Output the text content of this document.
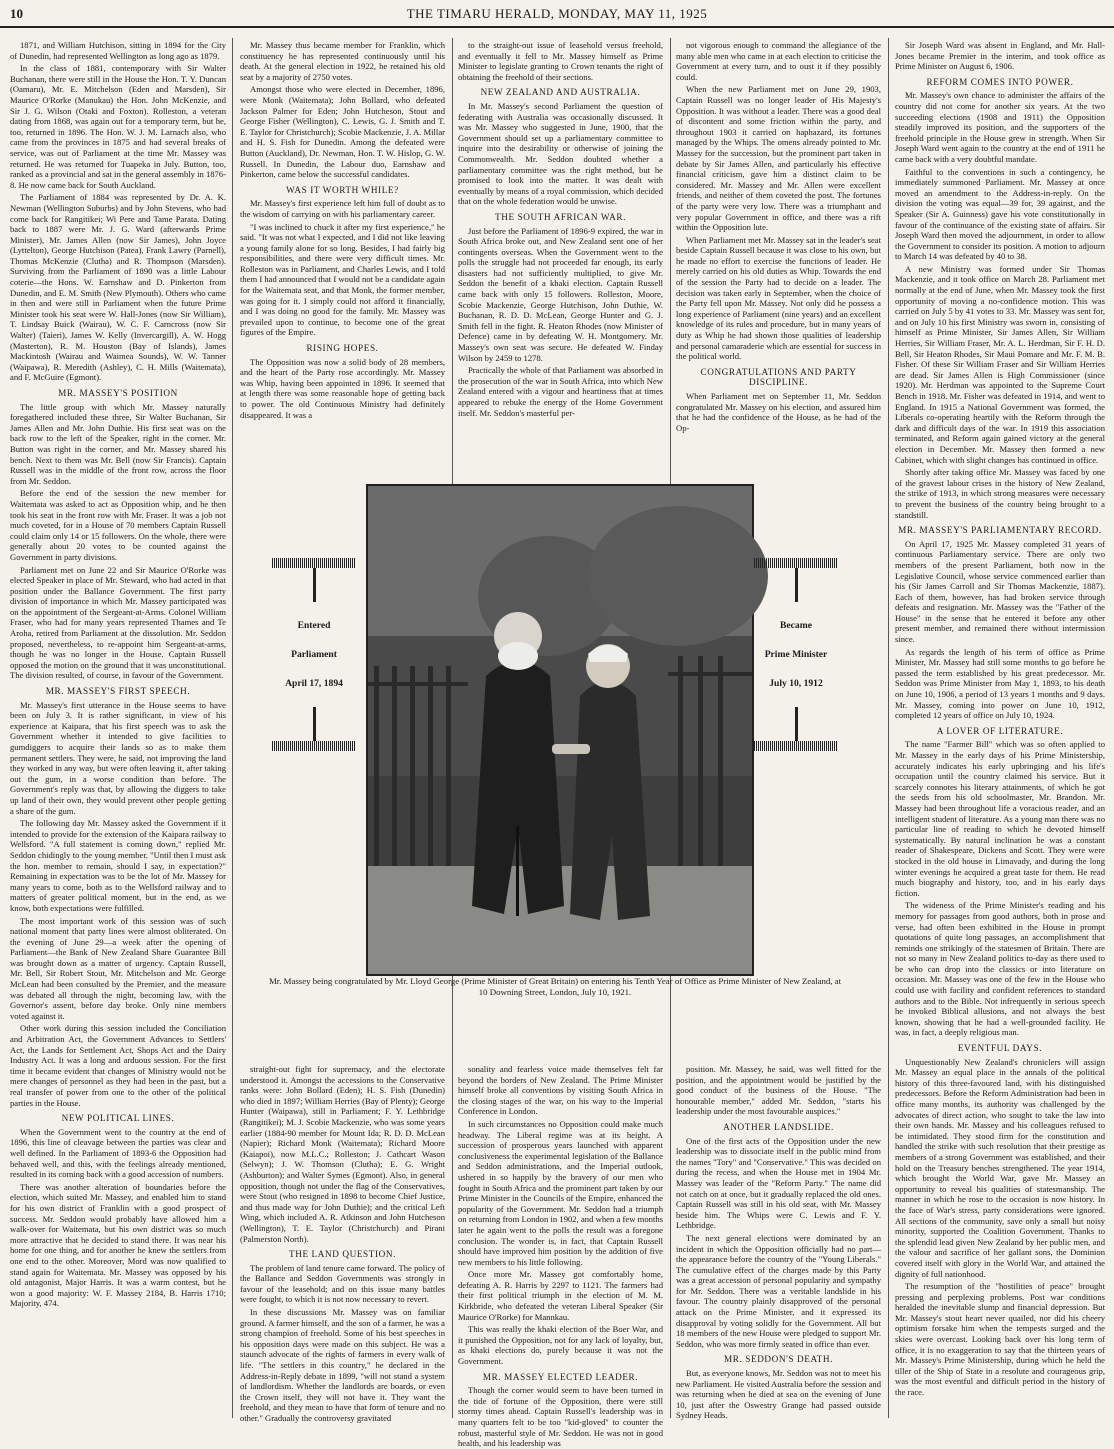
10	THE TIMARU HERALD, MONDAY, MAY 11, 1925

1871, and William Hutchison, sitting in 1894 for the City of Dunedin, had represented Wellington as long ago as 1879.

In the class of 1881, contemporary with Sir Walter Buchanan, there were still in the House the Hon. T. Y. Duncan (Oamaru), Mr. E. Mitchelson (Eden and Marsden), Sir Maurice O'Rorke (Manukau) the Hon. John McKenzie, and Sir J. G. Wilson (Otaki and Foxton). Rolleston, a veteran dating from 1868, was again out for a temporary term, but he, too, returned in 1896. The Hon. W. J. M. Larnach also, who came from the provinces in 1875 and had several breaks of service, was out of Parliament at the time Mr. Massey was returned. He was returned for Tuapeka in July. Button, too, ranked as a provincial and sat in the general assembly in 1876-8. He now came back for South Auckland.

The Parliament of 1884 was represented by Dr. A. K. Newman (Wellington Suburbs) and by John Stevens, who had come back for Rangitikei; Wi Pere and Tame Parata. Dating back to 1887 were Mr. J. G. Ward (afterwards Prime Minister), Mr. James Allen (now Sir James), John Joyce (Lyttelton), George Hutchison (Patea), Frank Lawry (Parnell), Thomas McKenzie (Clutha) and R. Thompson (Marsden). Surviving from the Parliament of 1890 was a little Labour coterie—the Hons. W. Earnshaw and D. Pinkerton from Dunedin, and E. M. Smith (New Plymouth). Others who came in then and were still in Parliament when the future Prime Minister took his seat were W. Hall-Jones (now Sir William), T. Lindsay Buick (Wairau), W. C. F. Carncross (now Sir Walter) (Taieri), James W. Kelly (Invercargill), A. W. Hogg (Masterton), R. M. Houston (Bay of Islands), James Mackintosh (Wairau and Waimea Sounds), W. W. Tanner (Waipawa), R. Meredith (Ashley), C. H. Mills (Waitemata), and F. McGuire (Egmont).

MR. MASSEY'S POSITION

The little group with which Mr. Massey naturally foregathered included these three, Sir Walter Buchanan, Sir James Allen and Mr. John Duthie. His first seat was on the back row to the left of the Speaker, right in the corner. Mr. Button was right in the corner, and Mr. Massey shared his bench. Next to them was Mr. Bell (now Sir Francis). Captain Russell was in the middle of the front row, across the floor from Mr. Seddon.

Before the end of the session the new member for Waitemata was asked to act as Opposition whip, and he then took his seat in the front row with Mr. Fraser. It was a job not much coveted, for in a House of 70 members Captain Russell could claim only 14 or 15 followers. On the whole, there were generally about 20 votes to be counted against the Government in party divisions.

Parliament met on June 22 and Sir Maurice O'Rorke was elected Speaker in place of Mr. Steward, who had acted in that position under the Ballance Government. The first party division of importance in which Mr. Massey participated was on the appointment of the Sergeant-at-Arms. Colonel William Fraser, who had for many years represented Thames and Te Aroha, retired from Parliament at the dissolution. Mr. Seddon proposed, nevertheless, to re-appoint him Sergeant-at-arms, though he was no longer in the House. Captain Russell opposed the motion on the ground that it was unconstitutional. The division resulted, of course, in favour of the Government.

MR. MASSEY'S FIRST SPEECH.

Mr. Massey's first utterance in the House seems to have been on July 3. It is rather significant, in view of his experience at Kaipara, that his first speech was to ask the Government whether it intended to give facilities to gumdiggers to acquire their lands so as to make them permanent settlers. They were, he said, not improving the land they worked in any way, but were often leaving it, after taking out the gum, in a worse condition than before. The Government's reply was that, by allowing the diggers to take up land of their own, they would prevent other people getting a share of the gum.

The following day Mr. Massey asked the Government if it intended to provide for the extension of the Kaipara railway to Wellsford. "A full statement is coming down," replied Mr. Seddon chidingly to the young member. "Until then I must ask the hon. member to remain, should I say, in expectation?" Remaining in expectation was to be the lot of Mr. Massey for many years to come, both as to the Wellsford railway and to matters of greater political moment, but in the end, as we know, both expectations were fulfilled.

The most important work of this session was of such national moment that party lines were almost obliterated. On the evening of June 29—a week after the opening of Parliament—the Bank of New Zealand Share Guarantee Bill was brought down as a matter of urgency. Captain Russell, Mr. Bell, Sir Robert Stout, Mr. Mitchelson and Mr. George McLean had been consulted by the Premier, and the measure was debated all through the night, becoming law, with the Governor's assent, before day broke. Only nine members voted against it.

Other work during this session included the Conciliation and Arbitration Act, the Government Advances to Settlers' Act, the Lands for Settlement Act, Shops Act and the Dairy Industry Act. It was a long and arduous session. For the first time it became evident that changes of Ministry would not be mere changes of personnel as they had been in the past, but a real transfer of power from one to the other of the political parties in the House.

NEW POLITICAL LINES.

When the Government went to the country at the end of 1896, this line of cleavage between the parties was clear and well defined. In the Parliament of 1893-6 the Opposition had behaved well, and this, with the feelings already mentioned, resulted in its coming back with a good accession of numbers.

There was another alteration of boundaries before the election, which suited Mr. Massey, and enabled him to stand for his own district of Franklin with a good prospect of success. Mr. Seddon would probably have allowed him a walk-over for Waitemata, but his own district was so much more attractive that he decided to stand there. It was near his home for one thing, and for another he knew the settlers from one end to the other. Moreover, Mord was now qualified to stand again for Waitemata. Mr. Massey was opposed by his old antagonist, Major Harris. It was a warm contest, but he won a good majority: W. F. Massey 2184, B. Harris 1710; Majority, 474.

Mr. Massey thus became member for Franklin, which constituency he has represented continuously until his death. At the general election in 1922, he retained his old seat by a majority of 2750 votes.

Amongst those who were elected in December, 1896, were Monk (Waitemata); John Bollard, who defeated Jackson Palmer for Eden; John Hutcheson, Stout and George Fisher (Wellington), C. Lewis, G. J. Smith and T. E. Taylor for Christchurch); Scobie Mackenzie, J. A. Millar and H. S. Fish for Dunedin. Among the defeated were Button (Auckland), Dr. Newman, Hon. T. W. Hislop, G. W. Russell. In Dunedin, the Labour duo, Earnshaw and Pinkerton, came below the successful candidates.

WAS IT WORTH WHILE?

Mr. Massey's first experience left him full of doubt as to the wisdom of carrying on with his parliamentary career.

"I was inclined to chuck it after my first experience," he said. "It was not what I expected, and I did not like leaving a young family alone for so long. Besides, I had fairly big responsibilities, and there were very difficult times. Mr. Rolleston was in Parliament, and Charles Lewis, and I told them I had announced that I would not be a candidate again for the Waitemata seat, and that Monk, the former member, was going for it. I simply could not afford it financially, and I was doing no good for the family. Mr. Massey was prevailed upon to continue, to become one of the great figures of the Empire.

RISING HOPES.

The Opposition was now a solid body of 28 members, and the heart of the Party rose accordingly. Mr. Massey was Whip, having been appointed in 1896. It seemed that at length there was some reasonable hope of getting back to power. The old Continuous Ministry had definitely disappeared. It was a

to the straight-out issue of leasehold versus freehold, and eventually it fell to Mr. Massey himself as Prime Minister to legislate granting to Crown tenants the right of obtaining the freehold of their sections.

NEW ZEALAND AND AUSTRALIA.

In Mr. Massey's second Parliament the question of federating with Australia was occasionally discussed. It was Mr. Massey who suggested in June, 1900, that the Government should set up a parliamentary committee to inquire into the desirability or otherwise of joining the Commonwealth. Mr. Seddon doubted whether a parliamentary committee was the right method, but he promised to look into the matter. It was dealt with eventually by means of a royal commission, which decided that on the whole federation would be unwise.

THE SOUTH AFRICAN WAR.

Just before the Parliament of 1896-9 expired, the war in South Africa broke out, and New Zealand sent one of her contingents overseas. When the Government went to the polls the struggle had not proceeded far enough, its early disasters had not sufficiently multiplied, to give Mr. Seddon the benefit of a khaki election. Captain Russell came back with only 15 followers. Rolleston, Moore, Scobie Mackenzie, George Hutchison, John Duthie, W. Buchanan, R. D. D. McLean, George Hunter and G. J. Smith fell in the fight. R. Heaton Rhodes (now Minister of Defence) came in by defeating W. H. Montgomery. Mr. Massey's own seat was secure. He defeated W. Finday Wilson by 2459 to 1278.

Practically the whole of that Parliament was absorbed in the prosecution of the war in South Africa, into which New Zealand entered with a vigour and heartiness that at times appeared to rebuke the energy of the Home Government itself. Mr. Seddon's masterful per-

not vigorous enough to command the allegiance of the many able men who came in at each election to criticise the Government at every turn, and to oust it if they possibly could.

When the new Parliament met on June 29, 1903, Captain Russell was no longer leader of His Majesty's Opposition. It was without a leader. There was a good deal of discontent and some friction within the party, and throughout 1903 it carried on haphazard, its fortunes managed by the Whips. The omens already pointed to Mr. Massey for the succession, but the prominent part taken in debate by Sir James Allen, and particularly his effective financial criticism, gave him a distinct claim to be considered. Mr. Massey and Mr. Allen were excellent friends, and neither of them coveted the post. The fortunes of the party were very low. There was a triumphant and very popular Government in office, and there was a rift within the Opposition lute.

When Parliament met Mr. Massey sat in the leader's seat beside Captain Russell because it was close to his own, but he made no effort to exercise the functions of leader. He merely carried on his old duties as Whip. Towards the end of the session the Party had to decide on a leader. The decision was taken early in September, when the choice of the Party fell upon Mr. Massey. Not only did he possess a long experience of Parliament (nine years) and an excellent knowledge of its rules and procedure, but in many years of duty as Whip he had shown those qualities of leadership and personal camaraderie which are essential for success in the political world.

CONGRATULATIONS AND PARTY DISCIPLINE.

When Parliament met on September 11, Mr. Seddon congratulated Mr. Massey on his election, and assured him that he had the confidence of the House, as he had of the Op-

Sir Joseph Ward was absent in England, and Mr. Hall-Jones became Premier in the interim, and took office as Prime Minister on August 6, 1906.

REFORM COMES INTO POWER.

Mr. Massey's own chance to administer the affairs of the country did not come for another six years. At the two succeeding elections (1908 and 1911) the Opposition steadily improved its position, and the supporters of the freehold principle in the House grew in strength. When Sir Joseph Ward went again to the country at the end of 1911 he came back with a very doubtful mandate.

Faithful to the conventions in such a contingency, he immediately summoned Parliament. Mr. Massey at once moved an amendment to the Address-in-reply. On the division the voting was equal—39 for, 39 against, and the Speaker (Sir A. Guinness) gave his vote constitutionally in favour of the continuance of the existing state of affairs. Sir Joseph Ward then moved the adjournment, in order to allow the Government to consider its position. A motion to adjourn to March 14 was defeated by 40 to 38.

A new Ministry was formed under Sir Thomas Mackenzie, and it took office on March 28. Parliament met normally at the end of June, when Mr. Massey took the first opportunity of moving a no-confidence motion. This was carried on July 5 by 41 votes to 33. Mr. Massey was sent for, and on July 10 his first Ministry was sworn in, consisting of himself as Prime Minister, Sir James Allen, Sir William Herries, Sir William Fraser, Mr. A. L. Herdman, Sir F. H. D. Bell, Sir Heaton Rhodes, Sir Maui Pomare and Mr. F. M. B. Fisher. Of these Sir William Fraser and Sir William Herries are dead. Sir James Allen is High Commissioner (since 1920). Mr. Herdman was appointed to the Supreme Court Bench in 1918. Mr. Fisher was defeated in 1914, and went to England. In 1915 a National Government was formed, the Liberals co-operating heartily with the Reform through the dark and difficult days of the war. In 1919 this association terminated, and Reform again gained victory at the general election in December. Mr. Massey then formed a new Cabinet, which with slight changes has continued in office.

Shortly after taking office Mr. Massey was faced by one of the gravest labour crises in the history of New Zealand, the strike of 1913, in which strong measures were necessary to prevent the business of the country being brought to a standstill.

MR. MASSEY'S PARLIAMENTARY RECORD.

On April 17, 1925 Mr. Massey completed 31 years of continuous Parliamentary service. There are only two members of the present Parliament, both now in the Legislative Council, whose service commenced earlier than his (Sir James Carroll and Sir Thomas Mackenzie, 1887). Each of them, however, has had broken service through defeats and resignation. Mr. Massey was the "Father of the House" in the sense that he entered it before any other present member, and remained there without intermission since.

As regards the length of his term of office as Prime Minister, Mr. Massey had still some months to go before he passed the term established by his great predecessor. Mr. Seddon was Prime Minister from May 1, 1893, to his death on June 10, 1906, a period of 13 years 1 months and 9 days. Mr. Massey, coming into power on June 10, 1912, completed 12 years of office on July 10, 1924.

A LOVER OF LITERATURE.

The name "Farmer Bill" which was so often applied to Mr. Massey in the early days of his Prime Ministership, accurately indicates his early upbringing and his life's occupation until the country claimed his service. But it scarcely connotes his literary attainments, of which he got the seeds from his old schoolmaster, Mr. Brandon. Mr. Massey had been throughout life a voracious reader, and an intelligent student of literature. As a young man there was no particular line of reading to which he devoted himself systematically. By natural inclination he was a constant reader of Shakespeare, Dickens and Scott. They were were stocked in the old house in Limavady, and during the long winter evenings he acquired a great taste for them. He read much biography and history, too, and in his early days fiction.

The wideness of the Prime Minister's reading and his memory for passages from good authors, both in prose and verse, had often been exhibited in the House in prompt quotations of quite long passages, an accomplishment that reminds one strikingly of the statesmen of Britain. There are not so many in New Zealand politics to-day as there used to be who can drop into the classics or into literature on occasion. Mr. Massey was one of the few in the House who could use with facility and confident references to standard authors and to the Bible. Not infrequently in serious speech he invoked Biblical allusions, and not always the best known, showing that he had a well-grounded facility. He was, in fact, a deeply religious man.

EVENTFUL DAYS.

Unquestionably New Zealand's chroniclers will assign Mr. Massey an equal place in the annals of the political history of this three-favoured land, with his distinguished predecessors. Before the Reform Administration had been in office many months, its authority was challenged by the advocates of direct action, who sought to take the law into their own hands. Mr. Massey and his colleagues refused to be intimidated. They stood firm for the constitution and handled the strike with such resolution that their prestige as members of a strong Government was established, and their hold on the Treasury benches strengthened. The year 1914, which brought the World War, gave Mr. Massey an opportunity to reveal his qualities of statesmanship. The manner in which he rose to the occasion is now history. In the face of War's stress, party considerations were ignored. All sections of the community, save only a small but noisy minority, supported the Coalition Government. Thanks to the splendid lead given New Zealand by her public men, and the valour and sacrifice of her gallant sons, the Dominion covered itself with glory in the World War, and attained the dignity of full nationhood.

The resumption of the "hostilities of peace" brought pressing and perplexing problems. Post war conditions heralded the inevitable slump and financial depression. But Mr. Massey's stout heart never quailed, nor did his cheery optimism forsake him when the tempests surged and the skies were overcast. Looking back over his long term of office, it is no exaggeration to say that the thirteen years of Mr. Massey's Prime Ministership, during which he held the tiller of the Ship of State in a resolute and courageous grip, was the most eventful and difficult period in the history of the race.

straight-out fight for supremacy, and the electorate understood it. Amongst the accessions to the Conservative ranks were: John Bollard (Eden); H. S. Fish (Dunedin) who died in 1897; William Herries (Bay of Plenty); George Hunter (Waipawa), still in Parliament; F. Y. Lethbridge (Rangitikei); M. J. Scobie Mackenzie, who was some years earlier (1884-90 member for Mount Ida; R. D. D. McLean (Napier); Richard Monk (Waitemata); Richard Moore (Kaiapoi), now M.L.C.; Rolleston; J. Cathcart Wason (Selwyn); J. W. Thomson (Clutha); E. G. Wright (Ashburton); and Walter Symes (Egmont). Also, in general opposition, though not under the flag of the Conservatives, were Stout (who resigned in 1898 to become Chief Justice, and thus made way for John Duthie); and the critical Left Wing, which included A. R. Atkinson and John Hutcheson (Wellington), T. E. Taylor (Christchurch) and Pirani (Palmerston North).

THE LAND QUESTION.

The problem of land tenure came forward. The policy of the Ballance and Seddon Governments was strongly in favour of the leasehold; and on this issue many battles were fought, to which it is not now necessary to revert.

In these discussions Mr. Massey was on familiar ground. A farmer himself, and the son of a farmer, he was a strong champion of freehold. Some of his best speeches in his opposition days were made on this subject. He was a staunch advocate of the rights of farmers in every walk of life. "The settlers in this country," he declared in the Address-in-Reply debate in 1899, "will not stand a system of landlordism. Whether the landlords are boards, or even the Crown itself, they will not have it. They want the freehold, and they mean to have that form of tenure and no other." Gradually the controversy gravitated

sonality and fearless voice made themselves felt far beyond the borders of New Zealand. The Prime Minister himself broke all conventions by visiting South Africa in the closing stages of the war, on his way to the Imperial Conference in London.

In such circumstances no Opposition could make much headway. The Liberal regime was at its height. A succession of prosperous years launched with apparent conclusiveness the experimental legislation of the Ballance and Seddon administrations, and the Imperial outlook, ushered in so happily by the bravery of our men who fought in South Africa and the prominent part taken by our Prime Minister in the Councils of the Empire, enhanced the popularity of the Government. Mr. Seddon had a triumph on returning from London in 1902, and when a few months later he again went to the polls the result was a foregone conclusion. The wonder is, in fact, that Captain Russell should have improved him position by the addition of five new members to his little following.

Once more Mr. Massey got comfortably home, defeating A. R. Harris by 2297 to 1121. The farmers had their first political triumph in the election of M. M. Kirkbride, who defeated the veteran Liberal Speaker (Sir Maurice O'Rorke) for Mannkau.

This was really the khaki election of the Boer War, and it punished the Opposition, not for any lack of loyalty, but, as khaki elections do, purely because it was not the Government.

MR. MASSEY ELECTED LEADER.

Though the corner would seem to have been turned in the tide of fortune of the Opposition, there were still stormy times ahead. Captain Russell's leadership was in many quarters felt to be too "kid-gloved" to counter the robust, masterful style of Mr. Seddon. He was not in good health, and his leadership was

position. Mr. Massey, he said, was well fitted for the position, and the appointment would be justified by the good conduct of the business of the House. "The honourable member," added Mr. Seddon, "starts his leadership under the most favourable auspices."

ANOTHER LANDSLIDE.

One of the first acts of the Opposition under the new leadership was to dissociate itself in the public mind from the names "Tory" and "Conservative." This was decided on during the recess, and when the House met in 1904 Mr. Massey was leader of the "Reform Party." The name did not catch on at once, but it gradually replaced the old ones. Captain Russell was still in his old seat, with Mr. Massey beside him. The Whips were C. Lewis and F. Y. Lethbridge.

The next general elections were dominated by an incident in which the Opposition officially had no part—the appearance before the country of the "Young Liberals." The cumulative effect of the charges made by this Party was a great accession of personal popularity and sympathy for Mr. Seddon. There was a veritable landslide in his favour. The country plainly disapproved of the personal attack on the Prime Minister, and it expressed its disapproval by voting solidly for the Government. All but 18 members of the new House were pledged to support Mr. Seddon, who was more firmly seated in office than ever.

MR. SEDDON'S DEATH.

But, as everyone knows, Mr. Seddon was not to meet his new Parliament. He visited Australia before the session and was returning when he died at sea on the evening of June 10, just after the Oswestry Grange had passed outside Sydney Heads.

Entered
Parliament
April 17, 1894
Became
Prime Minister
July 10, 1912
Mr. Massey being congratulated by Mr. Lloyd George (Prime Minister of Great Britain) on entering his Tenth Year of Office as Prime Minister of New Zealand, at 10 Downing Street, London, July 10, 1921.
